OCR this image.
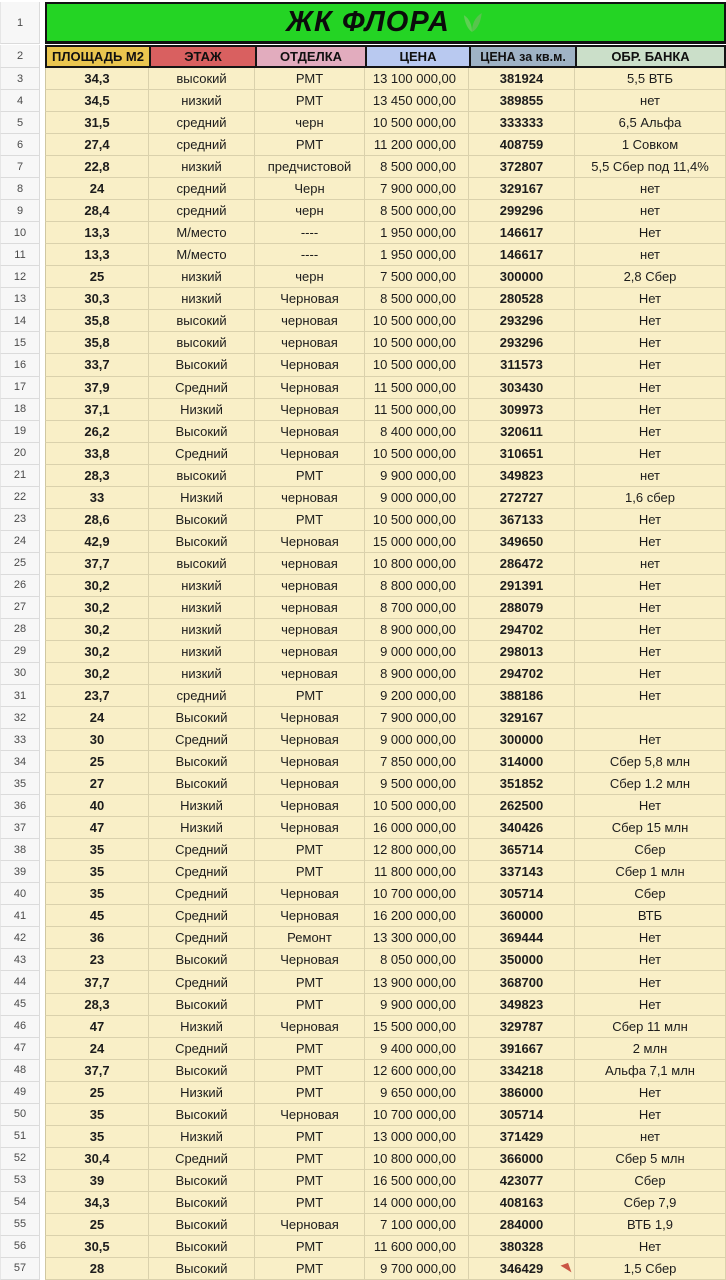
1	ЖК ФЛОРА
2	ПЛОЩАДЬ М2	ЭТАЖ	ОТДЕЛКА	ЦЕНА	ЦЕНА за кв.м.	ОБР. БАНКА
3	34,3	высокий	РМТ	13 100 000,00	381924	5,5 ВТБ
4	34,5	низкий	РМТ	13 450 000,00	389855	нет
5	31,5	средний	черн	10 500 000,00	333333	6,5 Альфа
6	27,4	средний	РМТ	11 200 000,00	408759	1 Совком
7	22,8	низкий	предчистовой	8 500 000,00	372807	5,5 Сбер под 11,4%
8	24	средний	Черн	7 900 000,00	329167	нет
9	28,4	средний	черн	8 500 000,00	299296	нет
10	13,3	М/место	----	1 950 000,00	146617	Нет
11	13,3	М/место	----	1 950 000,00	146617	нет
12	25	низкий	черн	7 500 000,00	300000	2,8 Сбер
13	30,3	низкий	Черновая	8 500 000,00	280528	Нет
14	35,8	высокий	черновая	10 500 000,00	293296	Нет
15	35,8	высокий	черновая	10 500 000,00	293296	Нет
16	33,7	Высокий	Черновая	10 500 000,00	311573	Нет
17	37,9	Средний	Черновая	11 500 000,00	303430	Нет
18	37,1	Низкий	Черновая	11 500 000,00	309973	Нет
19	26,2	Высокий	Черновая	8 400 000,00	320611	Нет
20	33,8	Средний	Черновая	10 500 000,00	310651	Нет
21	28,3	высокий	РМТ	9 900 000,00	349823	нет
22	33	Низкий	черновая	9 000 000,00	272727	1,6 сбер
23	28,6	Высокий	РМТ	10 500 000,00	367133	Нет
24	42,9	Высокий	Черновая	15 000 000,00	349650	Нет
25	37,7	высокий	черновая	10 800 000,00	286472	нет
26	30,2	низкий	черновая	8 800 000,00	291391	Нет
27	30,2	низкий	черновая	8 700 000,00	288079	Нет
28	30,2	низкий	черновая	8 900 000,00	294702	Нет
29	30,2	низкий	черновая	9 000 000,00	298013	Нет
30	30,2	низкий	черновая	8 900 000,00	294702	Нет
31	23,7	средний	РМТ	9 200 000,00	388186	Нет
32	24	Высокий	Черновая	7 900 000,00	329167
33	30	Средний	Черновая	9 000 000,00	300000	Нет
34	25	Высокий	Черновая	7 850 000,00	314000	Сбер 5,8 млн
35	27	Высокий	Черновая	9 500 000,00	351852	Сбер 1.2 млн
36	40	Низкий	Черновая	10 500 000,00	262500	Нет
37	47	Низкий	Черновая	16 000 000,00	340426	Сбер 15 млн
38	35	Средний	РМТ	12 800 000,00	365714	Сбер
39	35	Средний	РМТ	11 800 000,00	337143	Сбер 1 млн
40	35	Средний	Черновая	10 700 000,00	305714	Сбер
41	45	Средний	Черновая	16 200 000,00	360000	ВТБ
42	36	Средний	Ремонт	13 300 000,00	369444	Нет
43	23	Высокий	Черновая	8 050 000,00	350000	Нет
44	37,7	Средний	РМТ	13 900 000,00	368700	Нет
45	28,3	Высокий	РМТ	9 900 000,00	349823	Нет
46	47	Низкий	Черновая	15 500 000,00	329787	Сбер 11 млн
47	24	Средний	РМТ	9 400 000,00	391667	2 млн
48	37,7	Высокий	РМТ	12 600 000,00	334218	Альфа 7,1 млн
49	25	Низкий	РМТ	9 650 000,00	386000	Нет
50	35	Высокий	Черновая	10 700 000,00	305714	Нет
51	35	Низкий	РМТ	13 000 000,00	371429	нет
52	30,4	Средний	РМТ	10 800 000,00	366000	Сбер 5 млн
53	39	Высокий	РМТ	16 500 000,00	423077	Сбер
54	34,3	Высокий	РМТ	14 000 000,00	408163	Сбер 7,9
55	25	Высокий	Черновая	7 100 000,00	284000	ВТБ 1,9
56	30,5	Высокий	РМТ	11 600 000,00	380328	Нет
57	28	Высокий	РМТ	9 700 000,00	346429	1,5 Сбер
